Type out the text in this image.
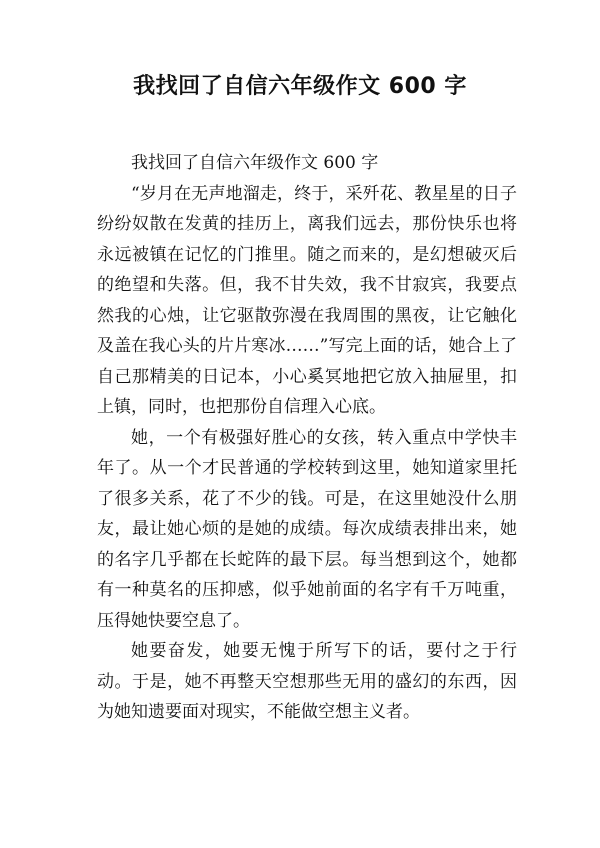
我找回了自信六年级作文 600 字

我找回了自信六年级作文 600 字

“岁月在无声地溜走，终于，采歼花、教星星的日子纷纷奴散在发黄的挂历上，离我们远去，那份快乐也将永远被镇在记忆的门推里。随之而来的，是幻想破灭后的绝望和失落。但，我不甘失效，我不甘寂宾，我要点然我的心烛，让它驱散弥漫在我周围的黑夜，让它触化及盖在我心头的片片寒冰……”写完上面的话，她合上了自己那精美的日记本，小心奚冥地把它放入抽屉里，扣上镇，同时，也把那份自信理入心底。

她，一个有极强好胜心的女孩，转入重点中学快丰年了。从一个才民普通的学校转到这里，她知道家里托了很多关系，花了不少的钱。可是，在这里她没什么朋友，最让她心烦的是她的成绩。每次成绩表排出来，她的名字几乎都在长蛇阵的最下层。每当想到这个，她都有一种莫名的压抑感，似乎她前面的名字有千万吨重，压得她快要空息了。

她要奋发，她要无愧于所写下的话，要付之于行动。于是，她不再整天空想那些无用的盛幻的东西，因为她知遗要面对现实，不能做空想主义者。
